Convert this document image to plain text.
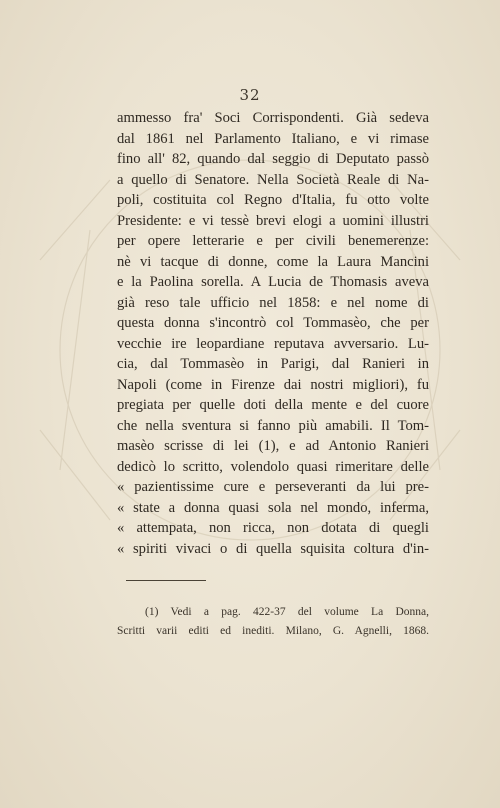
32
ammesso fra' Soci Corrispondenti. Già sedeva
dal 1861 nel Parlamento Italiano, e vi rimase
fino all' 82, quando dal seggio di Deputato passò
a quello di Senatore. Nella Società Reale di Na-
poli, costituita col Regno d'Italia, fu otto volte
Presidente: e vi tessè brevi elogi a uomini illustri
per opere letterarie e per civili benemerenze:
nè vi tacque di donne, come la Laura Mancini
e la Paolina sorella. A Lucia de Thomasis aveva
già reso tale ufficio nel 1858: e nel nome di
questa donna s'incontrò col Tommasèo, che per
vecchie ire leopardiane reputava avversario. Lu-
cia, dal Tommasèo in Parigi, dal Ranieri in
Napoli (come in Firenze dai nostri migliori), fu
pregiata per quelle doti della mente e del cuore
che nella sventura si fanno più amabili. Il Tom-
masèo scrisse di lei (1), e ad Antonio Ranieri
dedicò lo scritto, volendolo quasi rimeritare delle
« pazientissime cure e perseveranti da lui pre-
« state a donna quasi sola nel mondo, inferma,
« attempata, non ricca, non dotata di quegli
« spiriti vivaci o di quella squisita coltura d'in-
(1) Vedi a pag. 422-37 del volume La Donna,
Scritti varii editi ed inediti. Milano, G. Agnelli, 1868.
